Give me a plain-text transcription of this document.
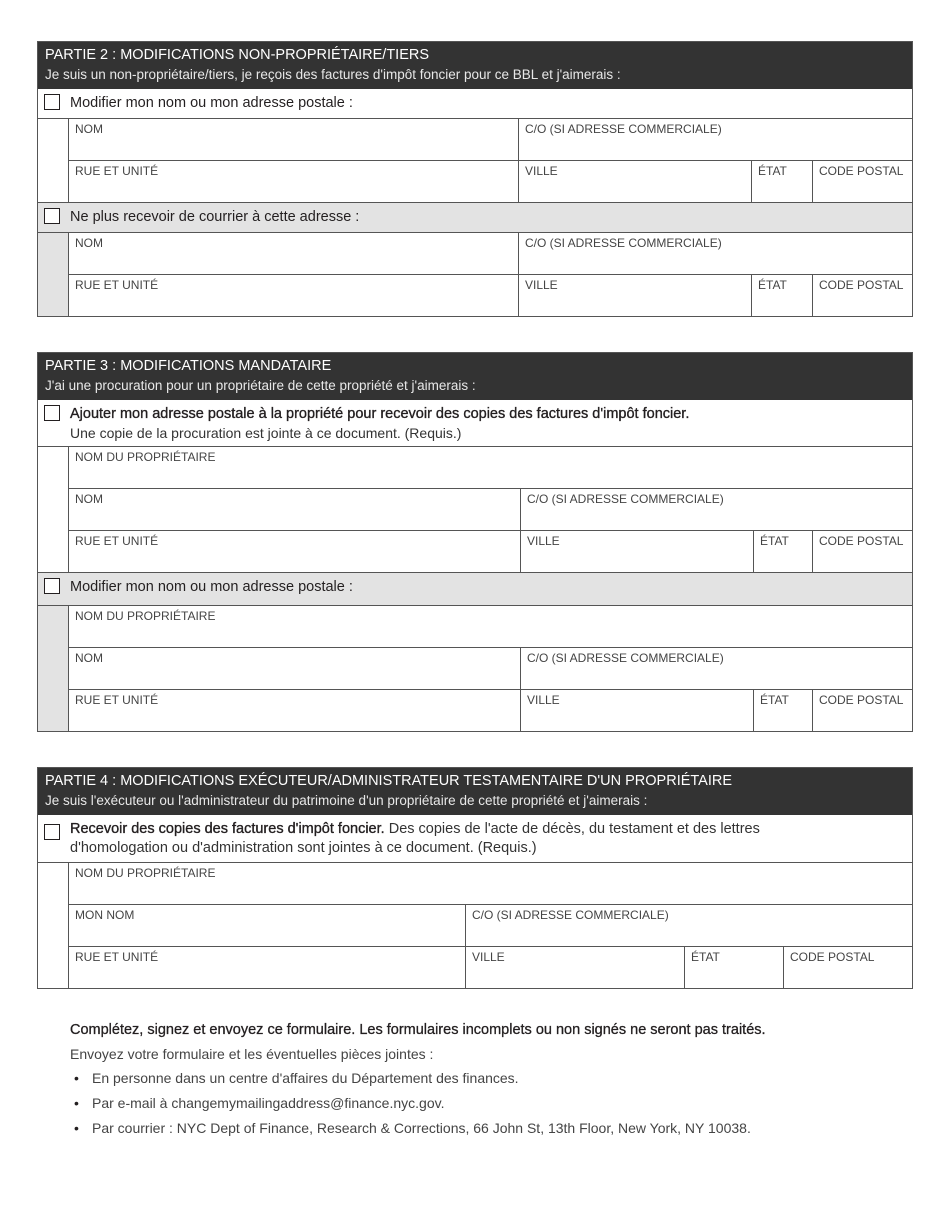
PARTIE 2 : MODIFICATIONS NON-PROPRIÉTAIRE/TIERS
Je suis un non-propriétaire/tiers, je reçois des factures d'impôt foncier pour ce BBL et j'aimerais :
Modifier mon nom ou mon adresse postale :
NOM	C/O (SI ADRESSE COMMERCIALE)
RUE ET UNITÉ	VILLE	ÉTAT	CODE POSTAL
Ne plus recevoir de courrier à cette adresse :
NOM	C/O (SI ADRESSE COMMERCIALE)
RUE ET UNITÉ	VILLE	ÉTAT	CODE POSTAL
PARTIE 3 : MODIFICATIONS MANDATAIRE
J'ai une procuration pour un propriétaire de cette propriété et j'aimerais :
Ajouter mon adresse postale à la propriété pour recevoir des copies des factures d'impôt foncier.
Une copie de la procuration est jointe à ce document. (Requis.)
NOM DU PROPRIÉTAIRE
NOM	C/O (SI ADRESSE COMMERCIALE)
RUE ET UNITÉ	VILLE	ÉTAT	CODE POSTAL
Modifier mon nom ou mon adresse postale :
NOM DU PROPRIÉTAIRE
NOM	C/O (SI ADRESSE COMMERCIALE)
RUE ET UNITÉ	VILLE	ÉTAT	CODE POSTAL
PARTIE 4 : MODIFICATIONS EXÉCUTEUR/ADMINISTRATEUR TESTAMENTAIRE D'UN PROPRIÉTAIRE
Je suis l'exécuteur ou l'administrateur du patrimoine d'un propriétaire de cette propriété et j'aimerais :
Recevoir des copies des factures d'impôt foncier. Des copies de l'acte de décès, du testament et des lettres d'homologation ou d'administration sont jointes à ce document. (Requis.)
NOM DU PROPRIÉTAIRE
MON NOM	C/O (SI ADRESSE COMMERCIALE)
RUE ET UNITÉ	VILLE	ÉTAT	CODE POSTAL
Complétez, signez et envoyez ce formulaire. Les formulaires incomplets ou non signés ne seront pas traités.
Envoyez votre formulaire et les éventuelles pièces jointes :
• En personne dans un centre d'affaires du Département des finances.
• Par e-mail à changemymailingaddress@finance.nyc.gov.
• Par courrier : NYC Dept of Finance, Research & Corrections, 66 John St, 13th Floor, New York, NY 10038.
